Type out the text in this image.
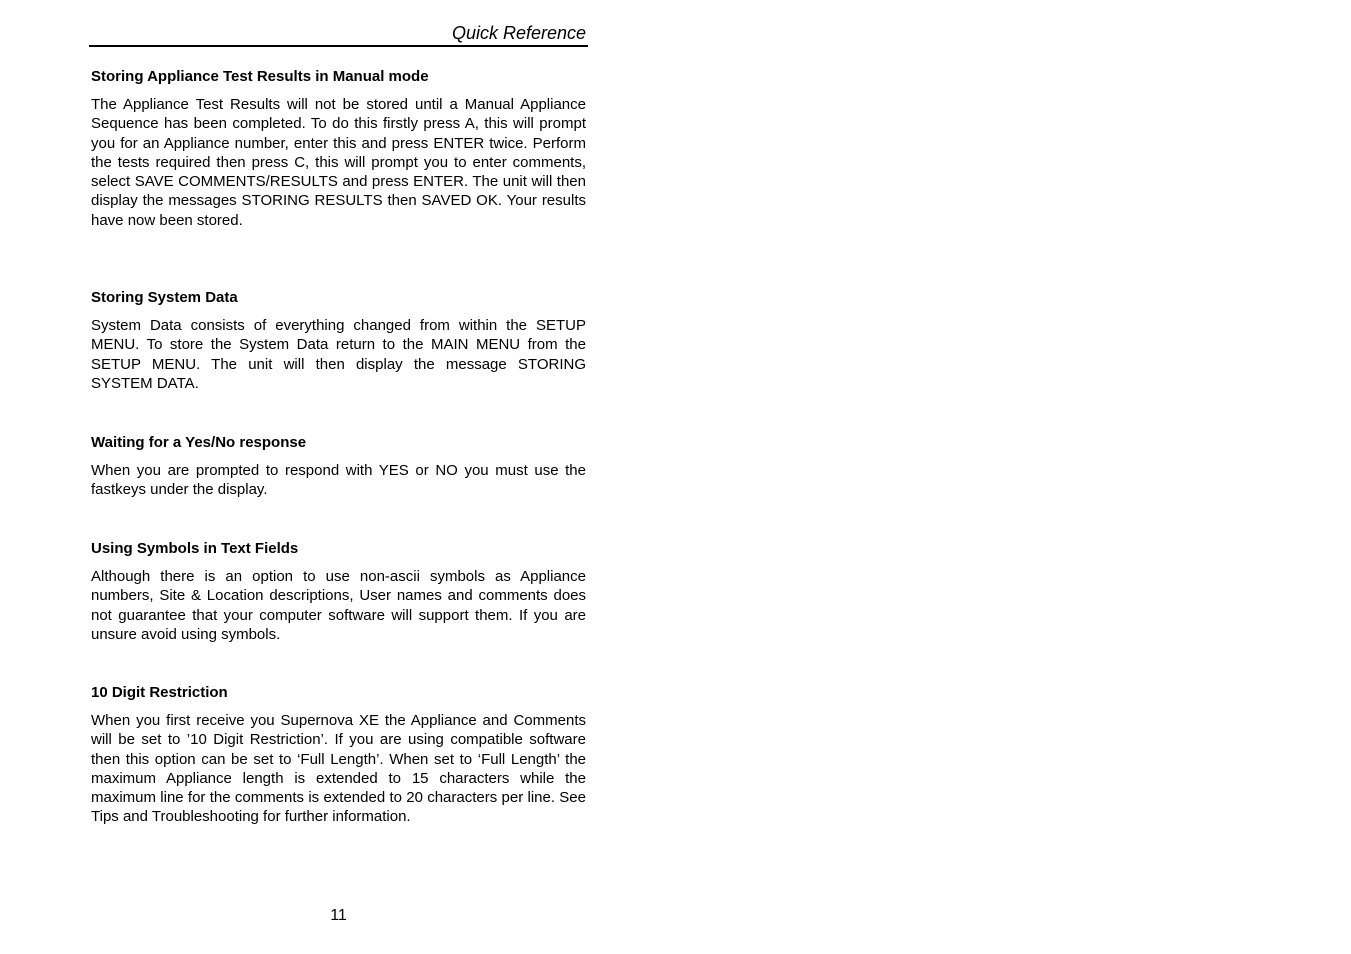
Quick Reference
Storing Appliance Test Results in Manual mode

The Appliance Test Results will not be stored until a Manual Appliance Sequence has been completed. To do this firstly press A, this will prompt you for an Appliance number, enter this and press ENTER twice. Perform the tests required then press C, this will prompt you to enter comments, select SAVE COMMENTS/RESULTS and press ENTER. The unit will then display the messages STORING RESULTS then SAVED OK. Your results have now been stored.

Storing System Data

System Data consists of everything changed from within the SETUP MENU. To store the System Data return to the MAIN MENU from the SETUP MENU. The unit will then display the message STORING SYSTEM DATA.

Waiting for a Yes/No response

When you are prompted to respond with YES or NO you must use the fastkeys under the display.

Using Symbols in Text Fields

Although there is an option to use non-ascii symbols as Appliance numbers, Site & Location descriptions, User names and comments does not guarantee that your computer software will support them. If you are unsure avoid using symbols.

10 Digit Restriction

When you first receive you Supernova XE the Appliance and Comments will be set to ’10 Digit Restriction’. If you are using compatible software then this option can be set to ‘Full Length’. When set to ‘Full Length’ the maximum Appliance length is extended to 15 characters while the maximum line for the comments is extended to 20 characters per line. See Tips and Troubleshooting for further information.

11
